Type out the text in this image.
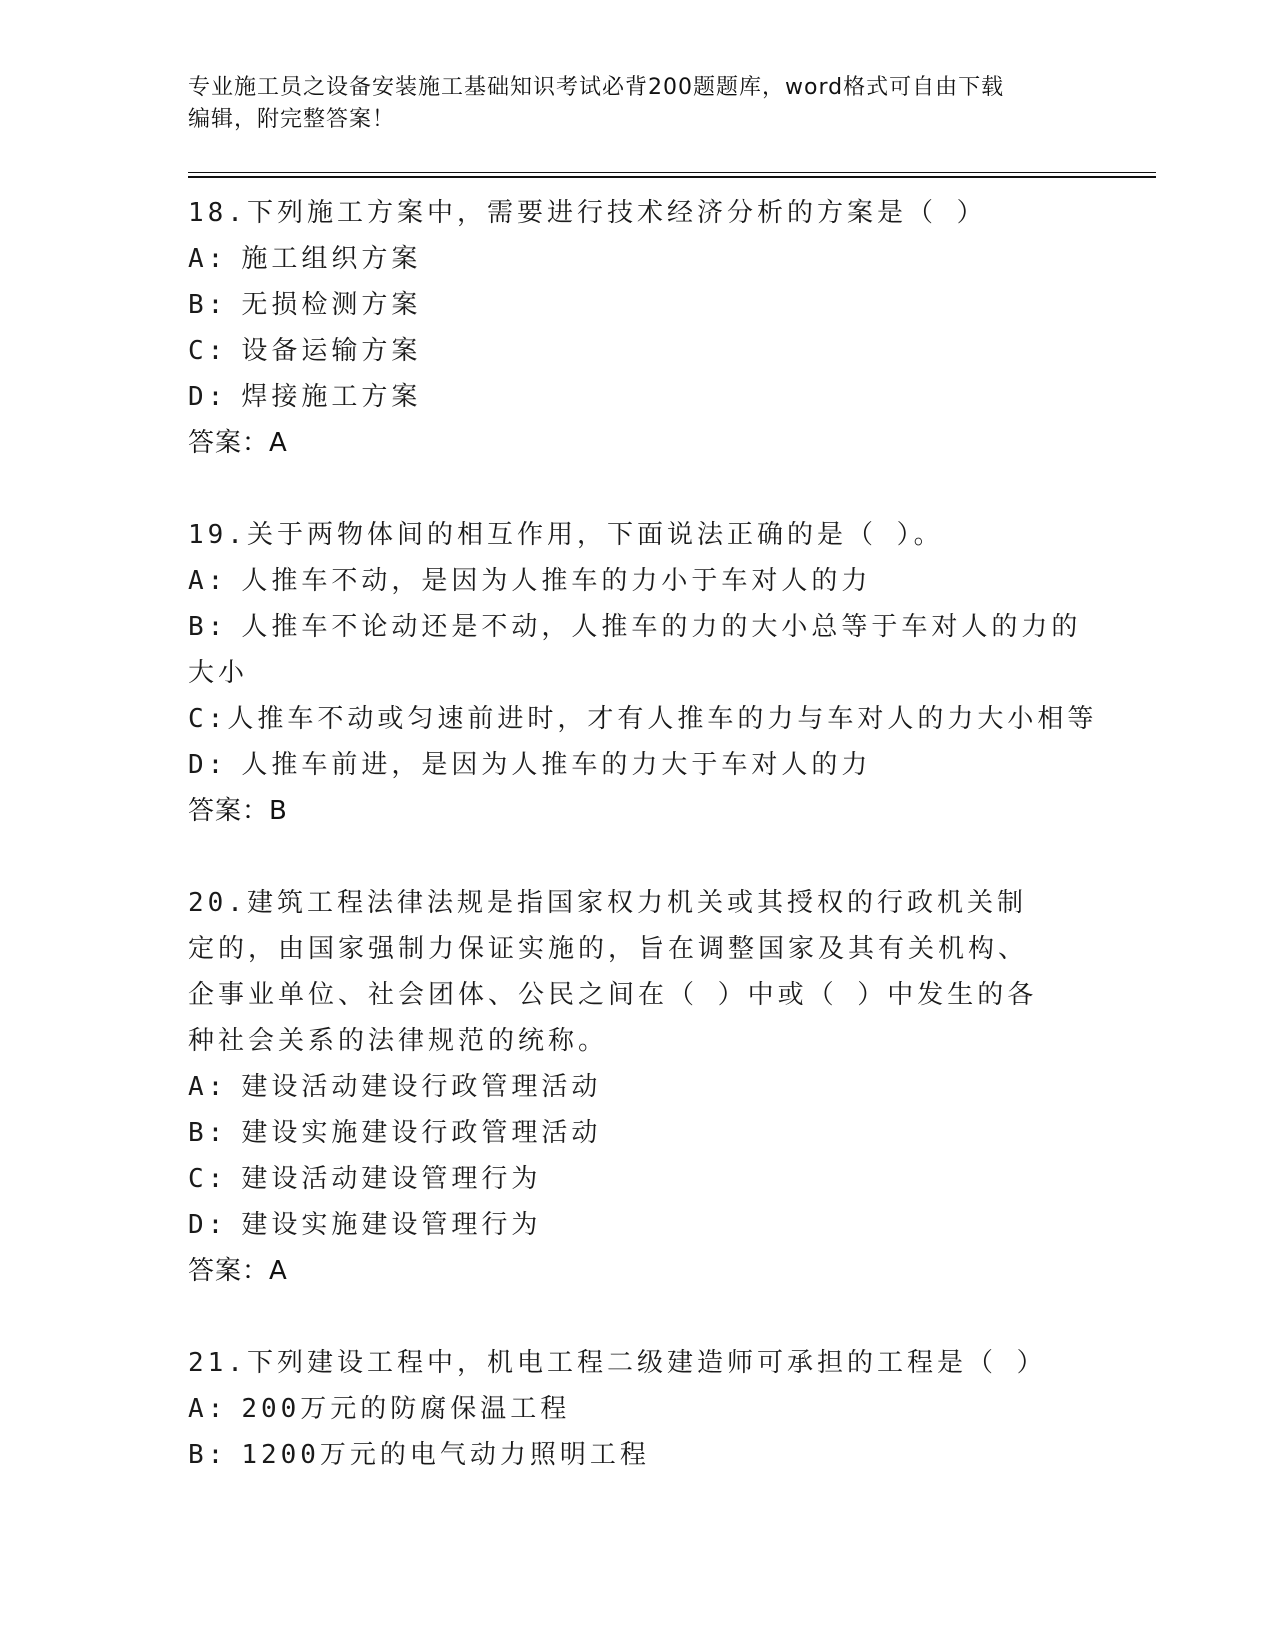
专业施工员之设备安装施工基础知识考试必背200题题库，word格式可自由下载
编辑，附完整答案！
18.下列施工方案中，需要进行技术经济分析的方案是（ ）
A: 施工组织方案
B: 无损检测方案
C: 设备运输方案
D: 焊接施工方案
答案：A
19.关于两物体间的相互作用，下面说法正确的是（ ）。
A: 人推车不动，是因为人推车的力小于车对人的力
B: 人推车不论动还是不动，人推车的力的大小总等于车对人的力的大小
C: 人推车不动或匀速前进时，才有人推车的力与车对人的力大小相等
D: 人推车前进，是因为人推车的力大于车对人的力
答案：B
20.建筑工程法律法规是指国家权力机关或其授权的行政机关制定的，由国家强制力保证实施的，旨在调整国家及其有关机构、企事业单位、社会团体、公民之间在（ ）中或（ ）中发生的各种社会关系的法律规范的统称。
A: 建设活动建设行政管理活动
B: 建设实施建设行政管理活动
C: 建设活动建设管理行为
D: 建设实施建设管理行为
答案：A
21.下列建设工程中，机电工程二级建造师可承担的工程是（ ）
A: 200万元的防腐保温工程
B: 1200万元的电气动力照明工程
